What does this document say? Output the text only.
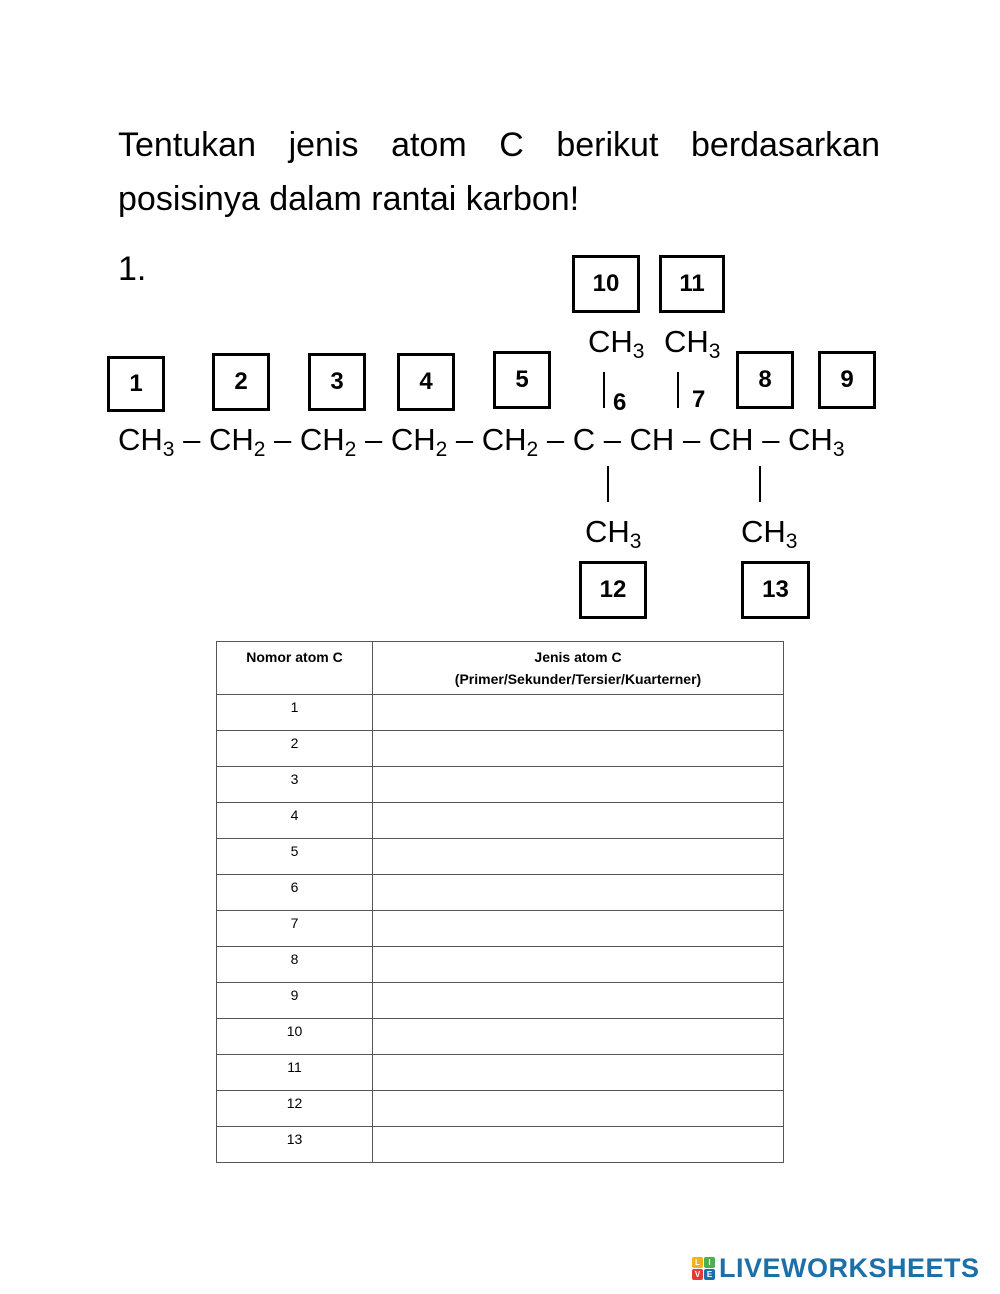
Tentukan jenis atom C berikut berdasarkan posisinya dalam rantai karbon!
1.
$CH_3 - CH_2 - CH_2 - CH_2 - CH_2$ – C – CH – CH – $CH_3$
$CH_3$ $CH_3$
6	7
$CH_3$	$CH_3$
1	2	3	4	5	8	9
10	11
12	13
Nomor atom C	Jenis atom C
(Primer/Sekunder/Tersier/Kuarterner)

1	
2	
3	
4	
5	
6	
7	
8	
9	
10	
11	
12	
13	
L	I
V E LIVEWORKSHEETS
